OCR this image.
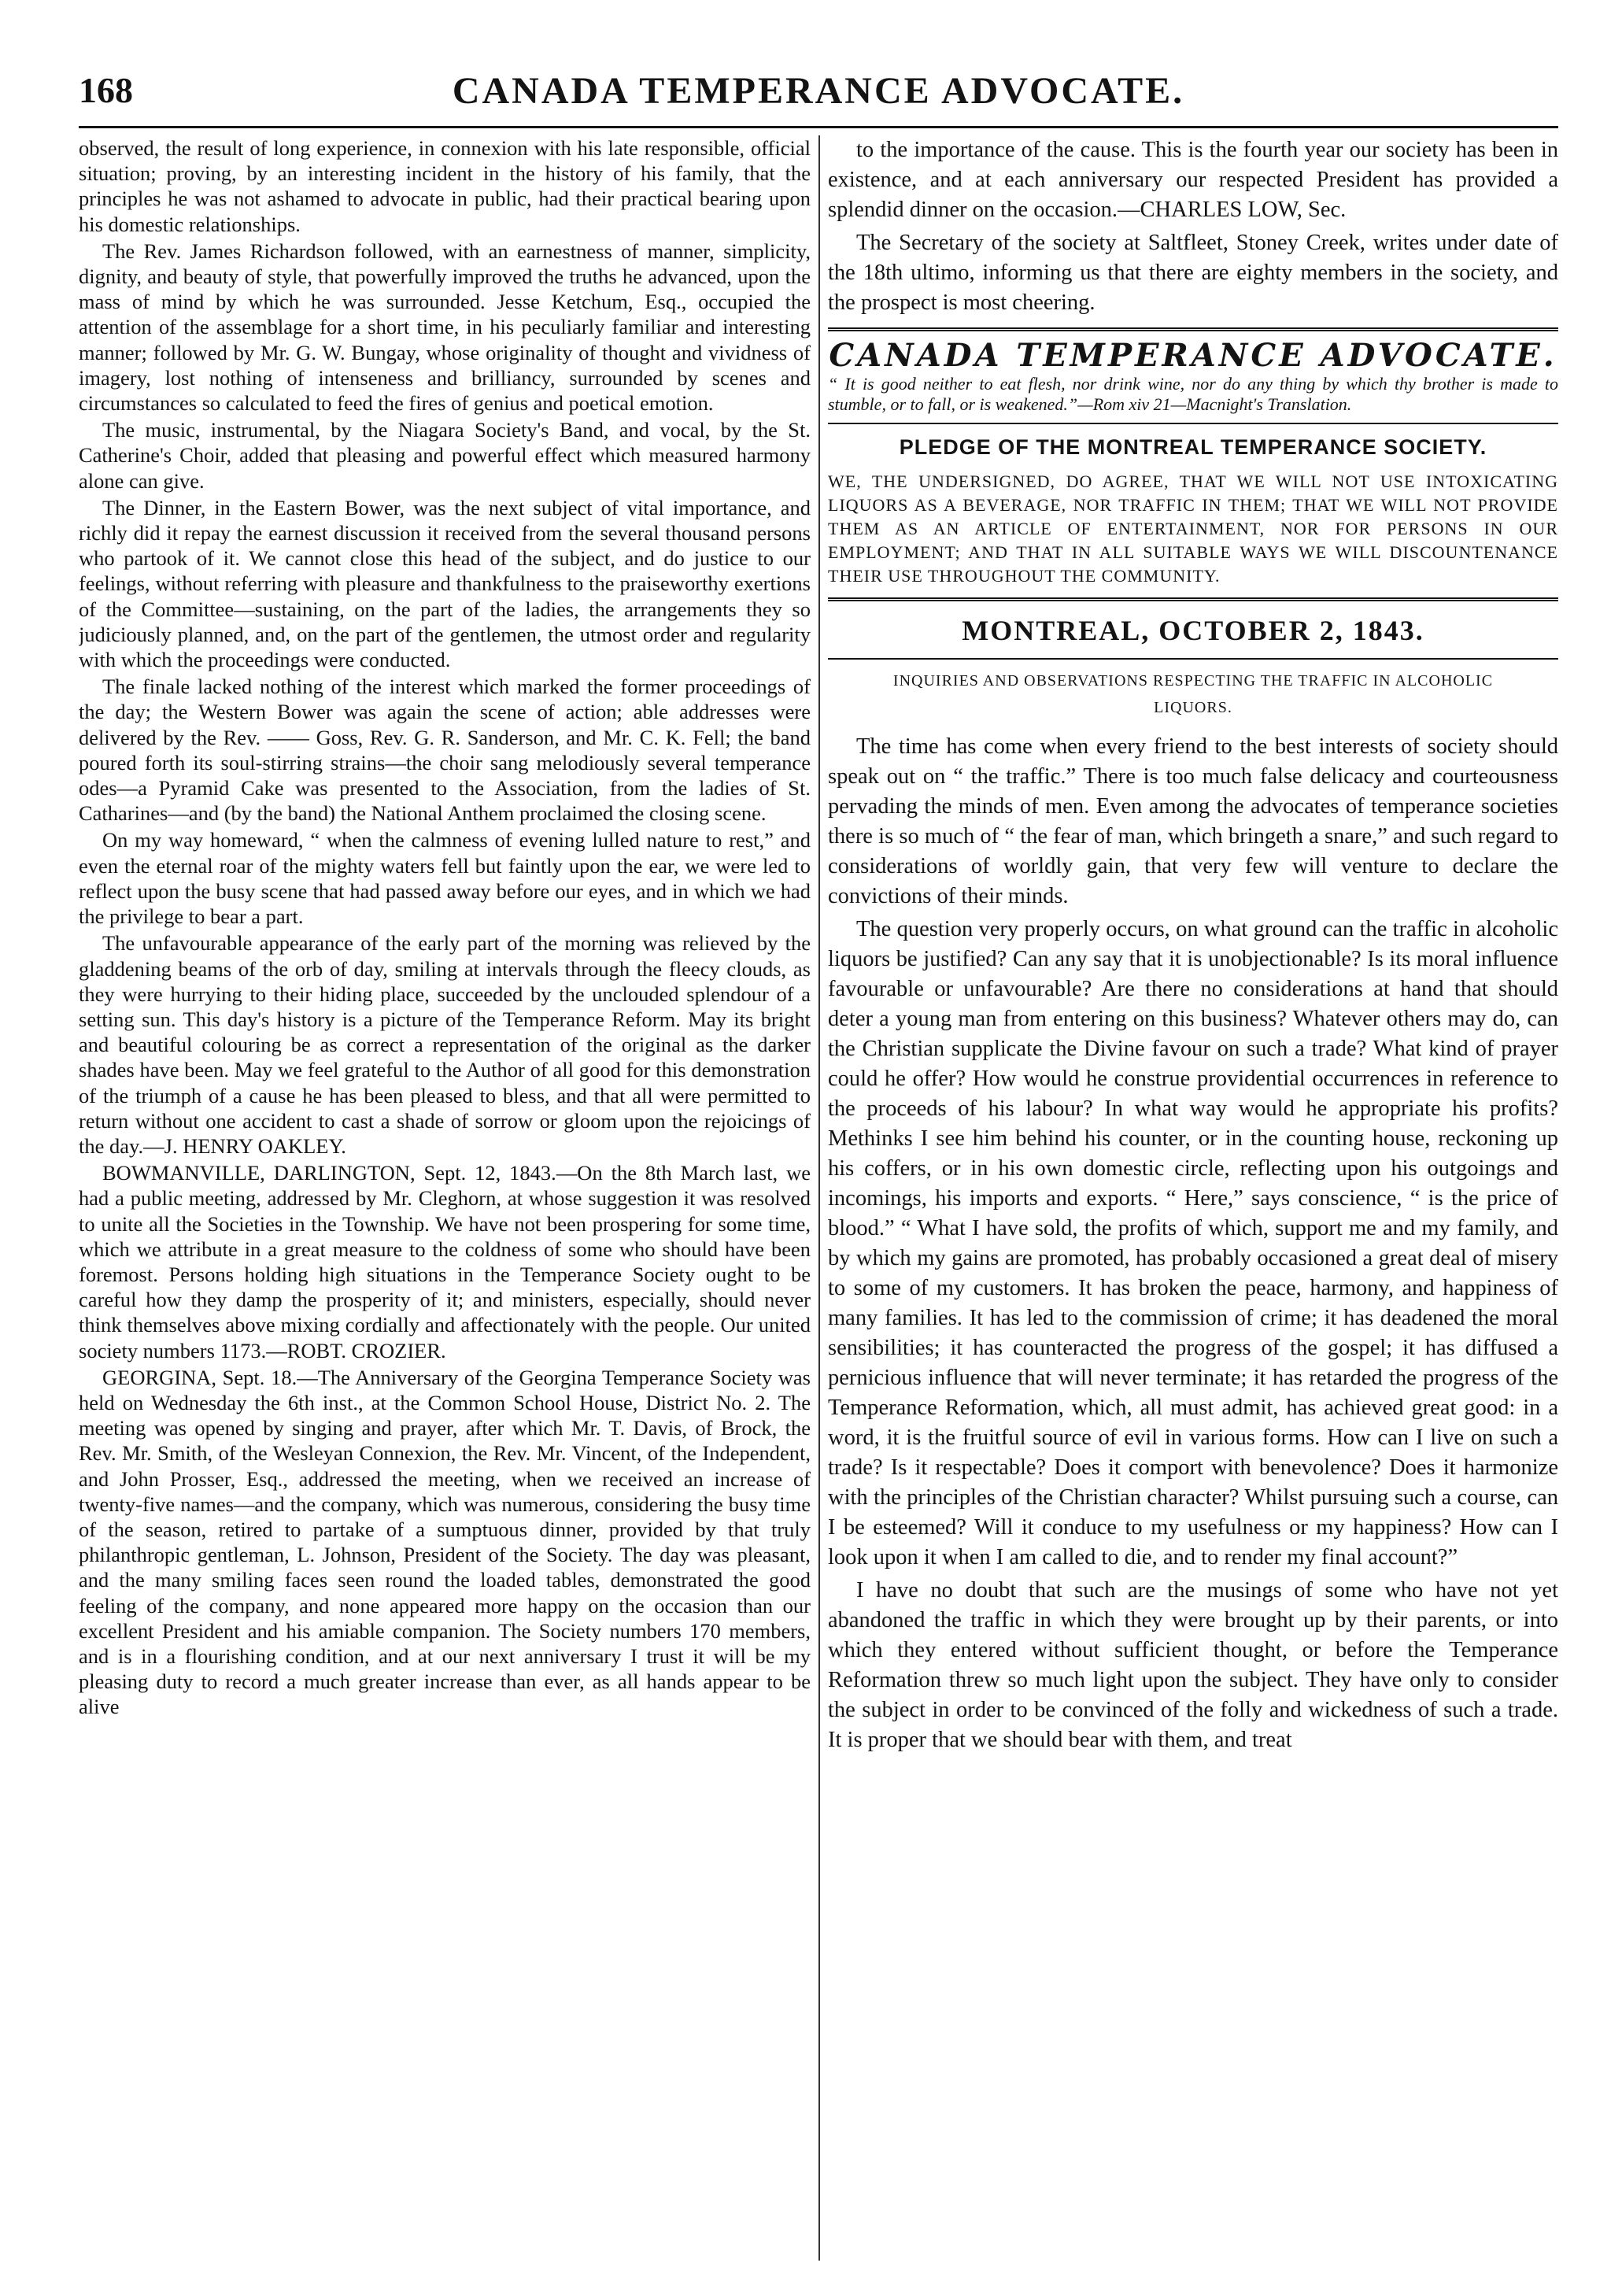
168	CANADA TEMPERANCE ADVOCATE.

observed, the result of long experience, in connexion with his late responsible, official situation; proving, by an interesting incident in the history of his family, that the principles he was not ashamed to advocate in public, had their practical bearing upon his domestic relationships.

The Rev. James Richardson followed, with an earnestness of manner, simplicity, dignity, and beauty of style, that powerfully improved the truths he advanced, upon the mass of mind by which he was surrounded. Jesse Ketchum, Esq., occupied the attention of the assemblage for a short time, in his peculiarly familiar and interesting manner; followed by Mr. G. W. Bungay, whose originality of thought and vividness of imagery, lost nothing of intenseness and brilliancy, surrounded by scenes and circumstances so calculated to feed the fires of genius and poetical emotion.

The music, instrumental, by the Niagara Society's Band, and vocal, by the St. Catherine's Choir, added that pleasing and powerful effect which measured harmony alone can give.

The Dinner, in the Eastern Bower, was the next subject of vital importance, and richly did it repay the earnest discussion it received from the several thousand persons who partook of it. We cannot close this head of the subject, and do justice to our feelings, without referring with pleasure and thankfulness to the praiseworthy exertions of the Committee—sustaining, on the part of the ladies, the arrangements they so judiciously planned, and, on the part of the gentlemen, the utmost order and regularity with which the proceedings were conducted.

The finale lacked nothing of the interest which marked the former proceedings of the day; the Western Bower was again the scene of action; able addresses were delivered by the Rev. —— Goss, Rev. G. R. Sanderson, and Mr. C. K. Fell; the band poured forth its soul-stirring strains—the choir sang melodiously several temperance odes—a Pyramid Cake was presented to the Association, from the ladies of St. Catharines—and (by the band) the National Anthem proclaimed the closing scene.

On my way homeward, “ when the calmness of evening lulled nature to rest,” and even the eternal roar of the mighty waters fell but faintly upon the ear, we were led to reflect upon the busy scene that had passed away before our eyes, and in which we had the privilege to bear a part.

The unfavourable appearance of the early part of the morning was relieved by the gladdening beams of the orb of day, smiling at intervals through the fleecy clouds, as they were hurrying to their hiding place, succeeded by the unclouded splendour of a setting sun. This day's history is a picture of the Temperance Reform. May its bright and beautiful colouring be as correct a representation of the original as the darker shades have been. May we feel grateful to the Author of all good for this demonstration of the triumph of a cause he has been pleased to bless, and that all were permitted to return without one accident to cast a shade of sorrow or gloom upon the rejoicings of the day.—J. HENRY OAKLEY.

BOWMANVILLE, DARLINGTON, Sept. 12, 1843.—On the 8th March last, we had a public meeting, addressed by Mr. Cleghorn, at whose suggestion it was resolved to unite all the Societies in the Township. We have not been prospering for some time, which we attribute in a great measure to the coldness of some who should have been foremost. Persons holding high situations in the Temperance Society ought to be careful how they damp the prosperity of it; and ministers, especially, should never think themselves above mixing cordially and affectionately with the people. Our united society numbers 1173.—ROBT. CROZIER.

GEORGINA, Sept. 18.—The Anniversary of the Georgina Temperance Society was held on Wednesday the 6th inst., at the Common School House, District No. 2. The meeting was opened by singing and prayer, after which Mr. T. Davis, of Brock, the Rev. Mr. Smith, of the Wesleyan Connexion, the Rev. Mr. Vincent, of the Independent, and John Prosser, Esq., addressed the meeting, when we received an increase of twenty-five names—and the company, which was numerous, considering the busy time of the season, retired to partake of a sumptuous dinner, provided by that truly philanthropic gentleman, L. Johnson, President of the Society. The day was pleasant, and the many smiling faces seen round the loaded tables, demonstrated the good feeling of the company, and none appeared more happy on the occasion than our excellent President and his amiable companion. The Society numbers 170 members, and is in a flourishing condition, and at our next anniversary I trust it will be my pleasing duty to record a much greater increase than ever, as all hands appear to be alive

to the importance of the cause. This is the fourth year our society has been in existence, and at each anniversary our respected President has provided a splendid dinner on the occasion.—CHARLES LOW, Sec.

The Secretary of the society at Saltfleet, Stoney Creek, writes under date of the 18th ultimo, informing us that there are eighty members in the society, and the prospect is most cheering.

CANADA TEMPERANCE ADVOCATE.
“ It is good neither to eat flesh, nor drink wine, nor do any thing by which thy brother is made to stumble, or to fall, or is weakened.”—Rom xiv 21—Macnight's Translation.
PLEDGE OF THE MONTREAL TEMPERANCE SOCIETY.
WE, THE UNDERSIGNED, DO AGREE, THAT WE WILL NOT USE INTOXICATING LIQUORS AS A BEVERAGE, NOR TRAFFIC IN THEM; THAT WE WILL NOT PROVIDE THEM AS AN ARTICLE OF ENTERTAINMENT, NOR FOR PERSONS IN OUR EMPLOYMENT; AND THAT IN ALL SUITABLE WAYS WE WILL DISCOUNTENANCE THEIR USE THROUGHOUT THE COMMUNITY.
MONTREAL, OCTOBER 2, 1843.
INQUIRIES AND OBSERVATIONS RESPECTING THE TRAFFIC IN ALCOHOLIC LIQUORS.

The time has come when every friend to the best interests of society should speak out on “ the traffic.” There is too much false delicacy and courteousness pervading the minds of men. Even among the advocates of temperance societies there is so much of “ the fear of man, which bringeth a snare,” and such regard to considerations of worldly gain, that very few will venture to declare the convictions of their minds.

The question very properly occurs, on what ground can the traffic in alcoholic liquors be justified? Can any say that it is unobjectionable? Is its moral influence favourable or unfavourable? Are there no considerations at hand that should deter a young man from entering on this business? Whatever others may do, can the Christian supplicate the Divine favour on such a trade? What kind of prayer could he offer? How would he construe providential occurrences in reference to the proceeds of his labour? In what way would he appropriate his profits? Methinks I see him behind his counter, or in the counting house, reckoning up his coffers, or in his own domestic circle, reflecting upon his outgoings and incomings, his imports and exports. “ Here,” says conscience, “ is the price of blood.” “ What I have sold, the profits of which, support me and my family, and by which my gains are promoted, has probably occasioned a great deal of misery to some of my customers. It has broken the peace, harmony, and happiness of many families. It has led to the commission of crime; it has deadened the moral sensibilities; it has counteracted the progress of the gospel; it has diffused a pernicious influence that will never terminate; it has retarded the progress of the Temperance Reformation, which, all must admit, has achieved great good: in a word, it is the fruitful source of evil in various forms. How can I live on such a trade? Is it respectable? Does it comport with benevolence? Does it harmonize with the principles of the Christian character? Whilst pursuing such a course, can I be esteemed? Will it conduce to my usefulness or my happiness? How can I look upon it when I am called to die, and to render my final account?”

I have no doubt that such are the musings of some who have not yet abandoned the traffic in which they were brought up by their parents, or into which they entered without sufficient thought, or before the Temperance Reformation threw so much light upon the subject. They have only to consider the subject in order to be convinced of the folly and wickedness of such a trade. It is proper that we should bear with them, and treat
